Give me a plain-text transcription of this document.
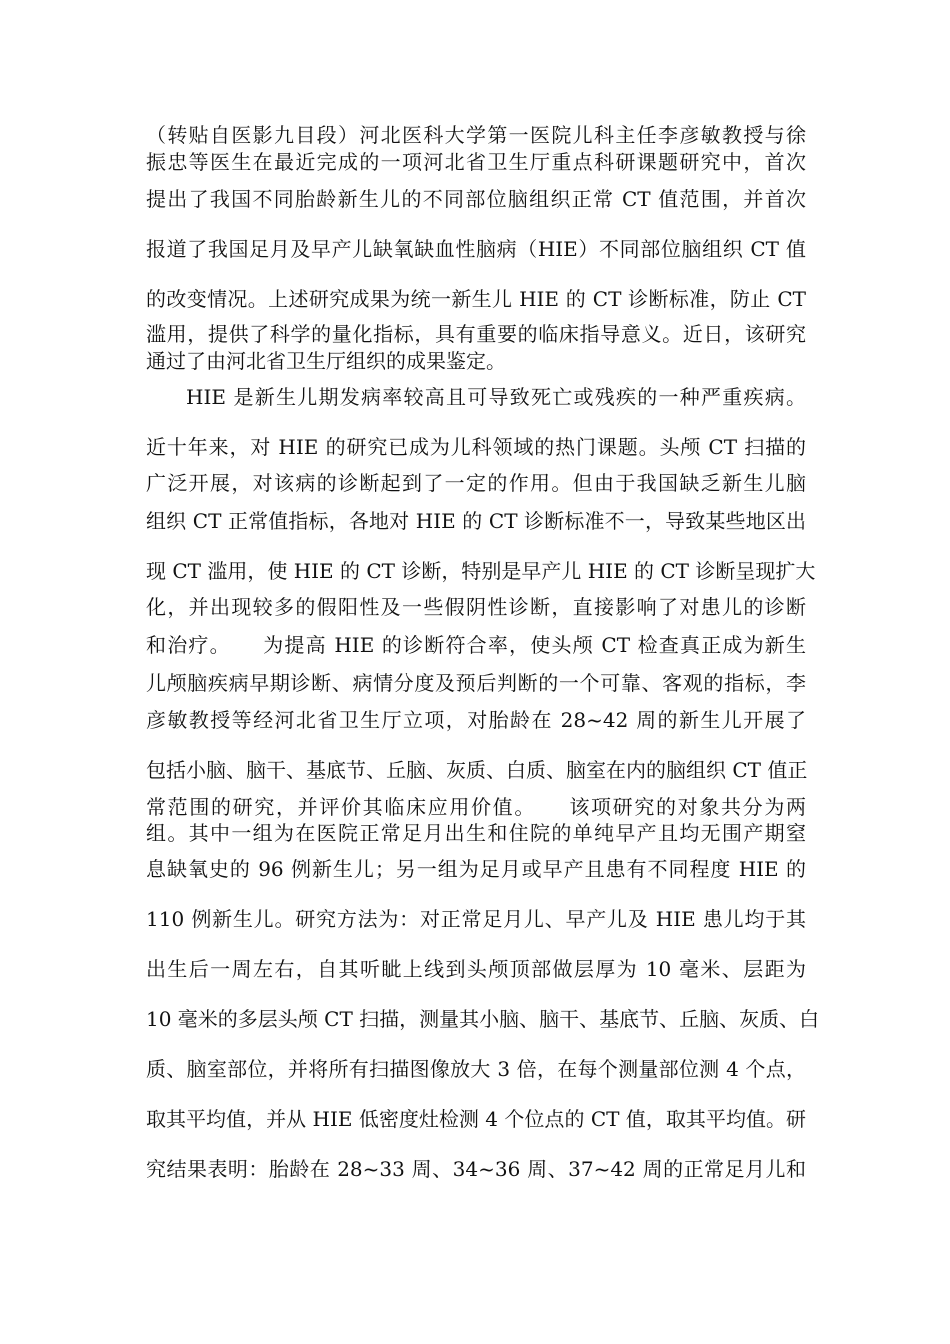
（转贴自医影九目段）河北医科大学第一医院儿科主任李彦敏教授与徐
振忠等医生在最近完成的一项河北省卫生厅重点科研课题研究中，首次
提出了我国不同胎龄新生儿的不同部位脑组织正常 CT 值范围，并首次
报道了我国足月及早产儿缺氧缺血性脑病（HIE）不同部位脑组织 CT 值
的改变情况。上述研究成果为统一新生儿 HIE 的 CT 诊断标准，防止 CT
滥用，提供了科学的量化指标，具有重要的临床指导意义。近日，该研究
通过了由河北省卫生厅组织的成果鉴定。
HIE 是新生儿期发病率较高且可导致死亡或残疾的一种严重疾病。
近十年来，对 HIE 的研究已成为儿科领域的热门课题。头颅 CT 扫描的
广泛开展，对该病的诊断起到了一定的作用。但由于我国缺乏新生儿脑
组织 CT 正常值指标，各地对 HIE 的 CT 诊断标准不一，导致某些地区出
现 CT 滥用，使 HIE 的 CT 诊断，特别是早产儿 HIE 的 CT 诊断呈现扩大
化，并出现较多的假阳性及一些假阴性诊断，直接影响了对患儿的诊断
和治疗。　　为提高 HIE 的诊断符合率，使头颅 CT 检查真正成为新生
儿颅脑疾病早期诊断、病情分度及预后判断的一个可靠、客观的指标，李
彦敏教授等经河北省卫生厅立项，对胎龄在 28~42 周的新生儿开展了
包括小脑、脑干、基底节、丘脑、灰质、白质、脑室在内的脑组织 CT 值正
常范围的研究，并评价其临床应用价值。　　该项研究的对象共分为两
组。其中一组为在医院正常足月出生和住院的单纯早产且均无围产期窒
息缺氧史的 96 例新生儿；另一组为足月或早产且患有不同程度 HIE 的
110 例新生儿。研究方法为：对正常足月儿、早产儿及 HIE 患儿均于其
出生后一周左右，自其听眦上线到头颅顶部做层厚为 10 毫米、层距为
10 毫米的多层头颅 CT 扫描，测量其小脑、脑干、基底节、丘脑、灰质、白
质、脑室部位，并将所有扫描图像放大 3 倍，在每个测量部位测 4 个点，
取其平均值，并从 HIE 低密度灶检测 4 个位点的 CT 值，取其平均值。研
究结果表明：胎龄在 28~33 周、34~36 周、37~42 周的正常足月儿和
